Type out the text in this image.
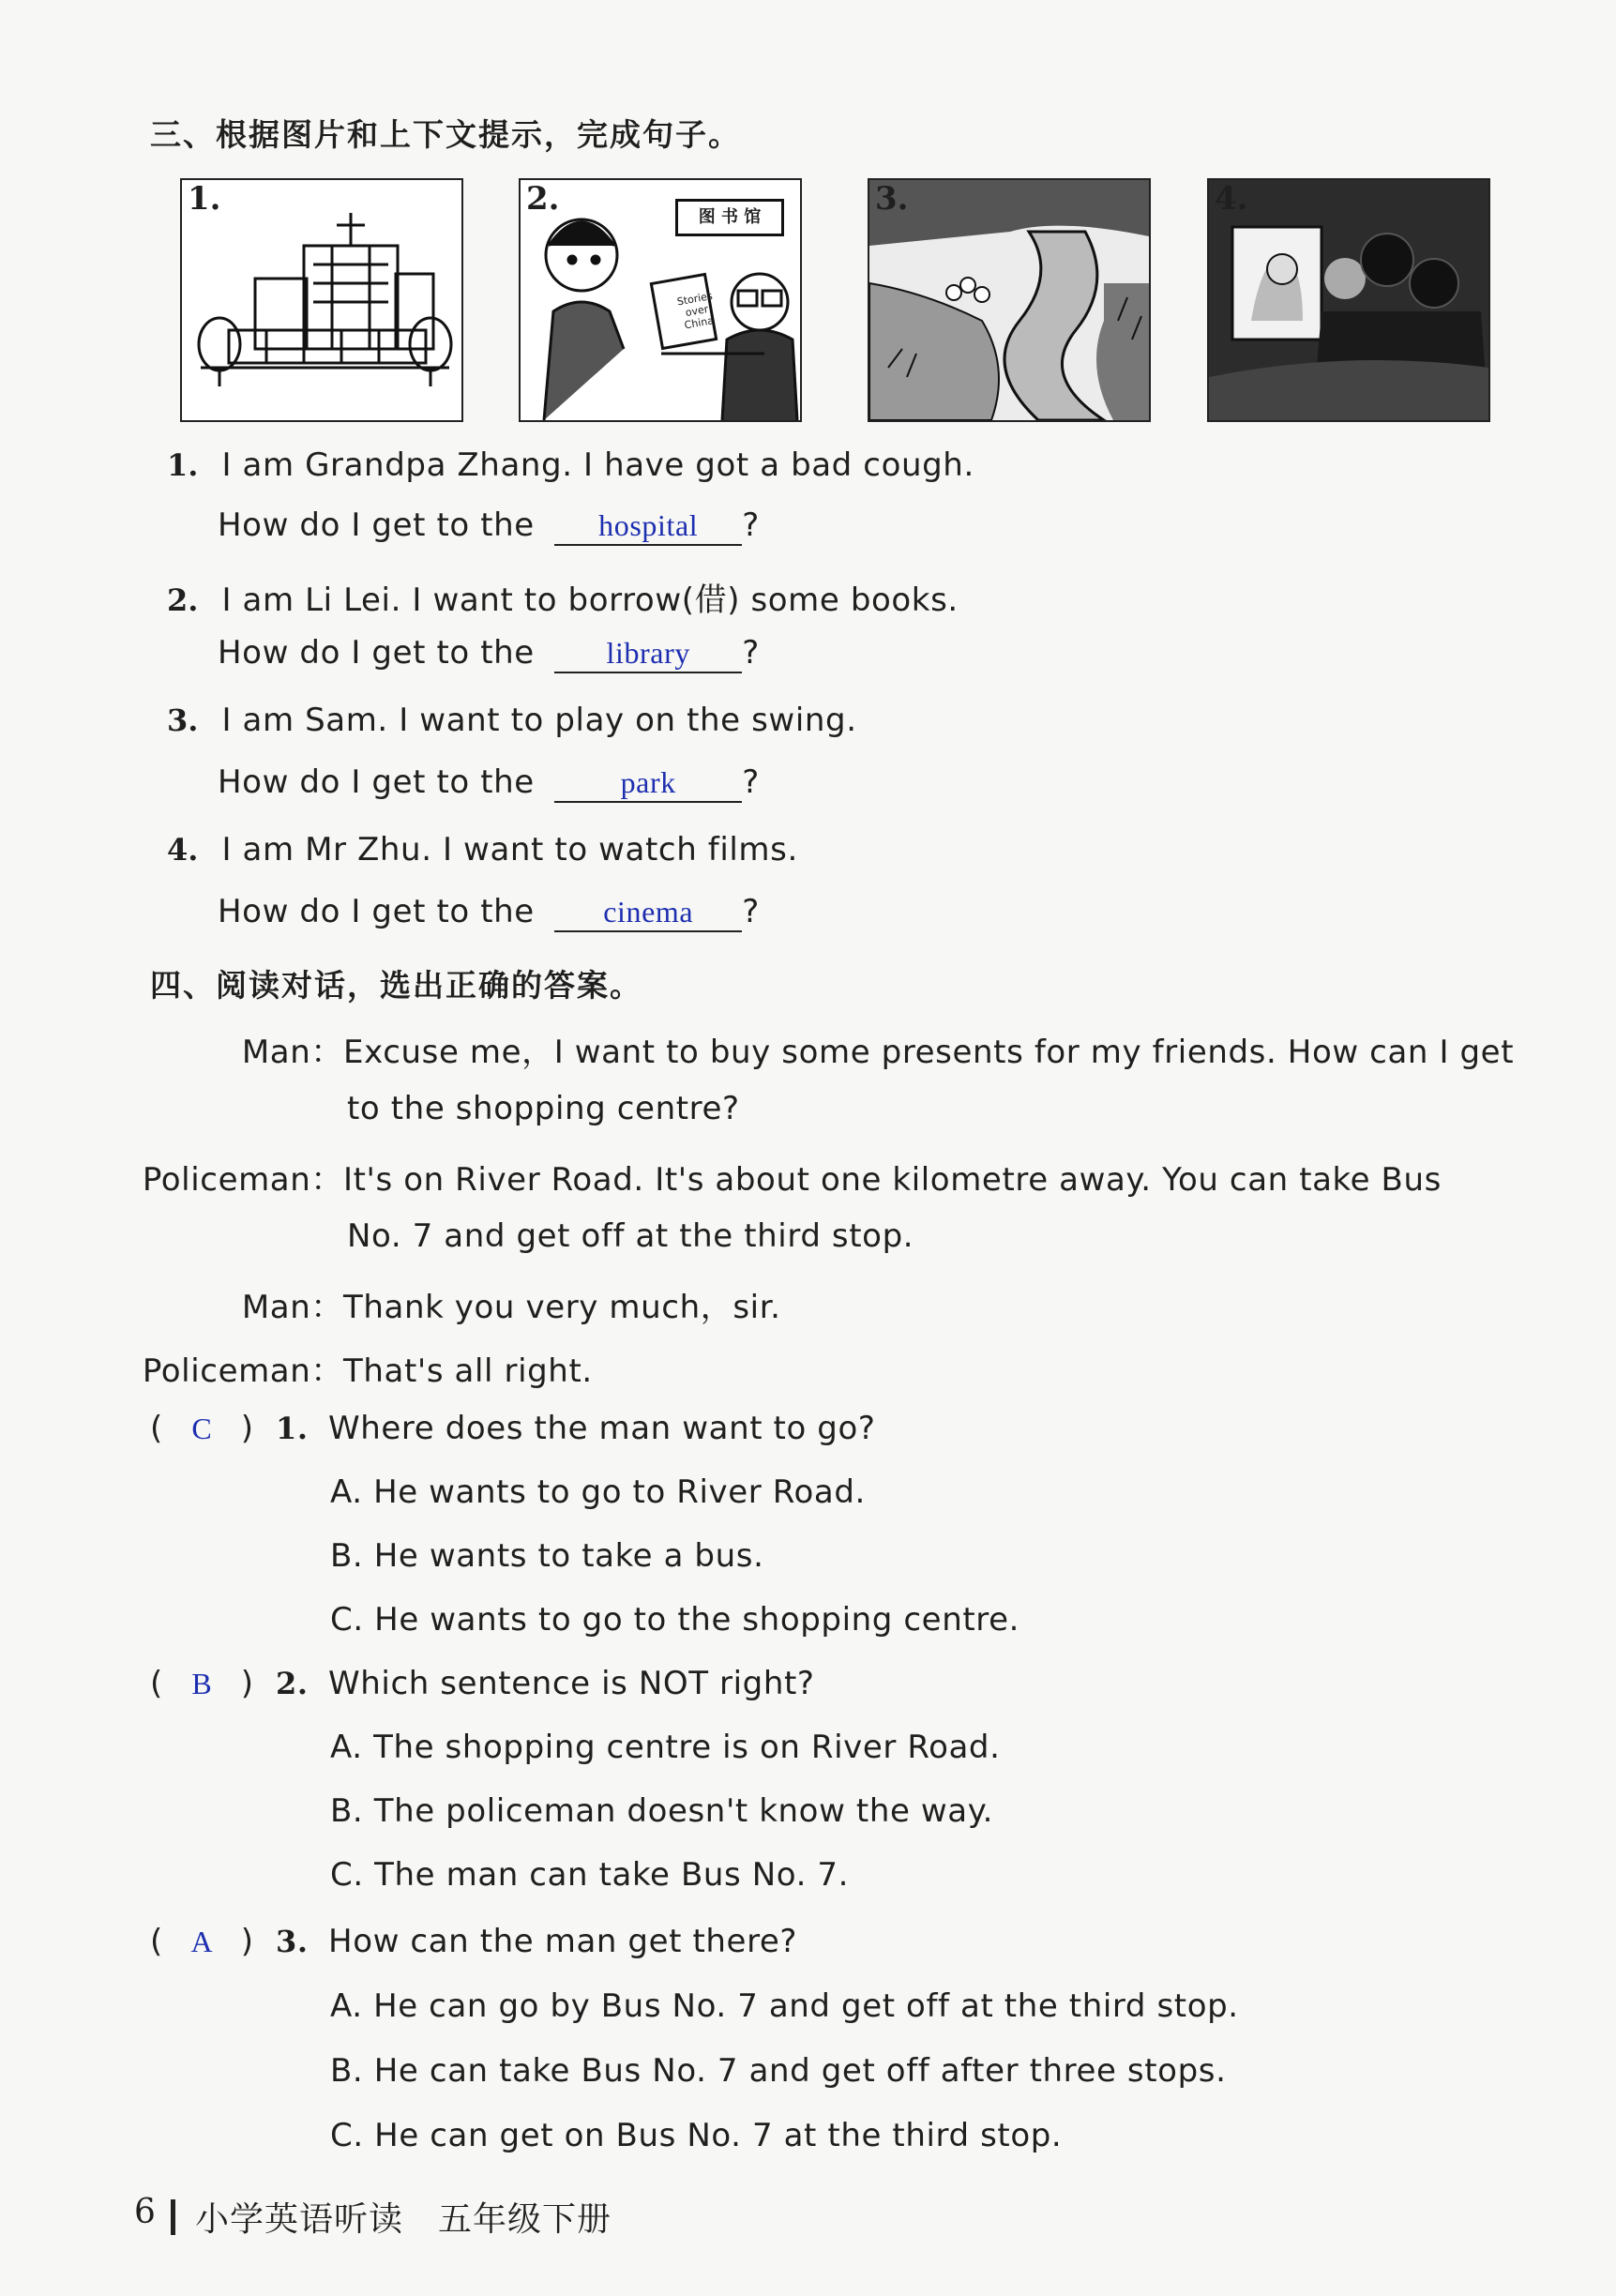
三、根据图片和上下文提示，完成句子。
1.	2.	图 书 馆
Stories over China
3.	4.
1. I am Grandpa Zhang. I have got a bad cough.
How do I get to the hospital ?
2. I am Li Lei. I want to borrow(借) some books.
How do I get to the library ?
3. I am Sam. I want to play on the swing.
How do I get to the	park ?
4. I am Mr Zhu. I want to watch films.
How do I get to the cinema ?
四、阅读对话，选出正确的答案。
Man：Excuse me，I want to buy some presents for my friends. How can I get
to the shopping centre?
Policeman：It's on River Road. It's about one kilometre away. You can take Bus
No. 7 and get off at the third stop.
Man：Thank you very much，sir.
Policeman：That's all right.
( C ) 1. Where does the man want to go?
A. He wants to go to River Road.
B. He wants to take a bus.
C. He wants to go to the shopping centre.
( B ) 2. Which sentence is NOT right?
A. The shopping centre is on River Road.
B. The policeman doesn't know the way.
C. The man can take Bus No. 7.
( A ) 3. How can the man get there?
A. He can go by Bus No. 7 and get off at the third stop.
B. He can take Bus No. 7 and get off after three stops.
C. He can get on Bus No. 7 at the third stop.
6 小学英语听读　五年级下册
